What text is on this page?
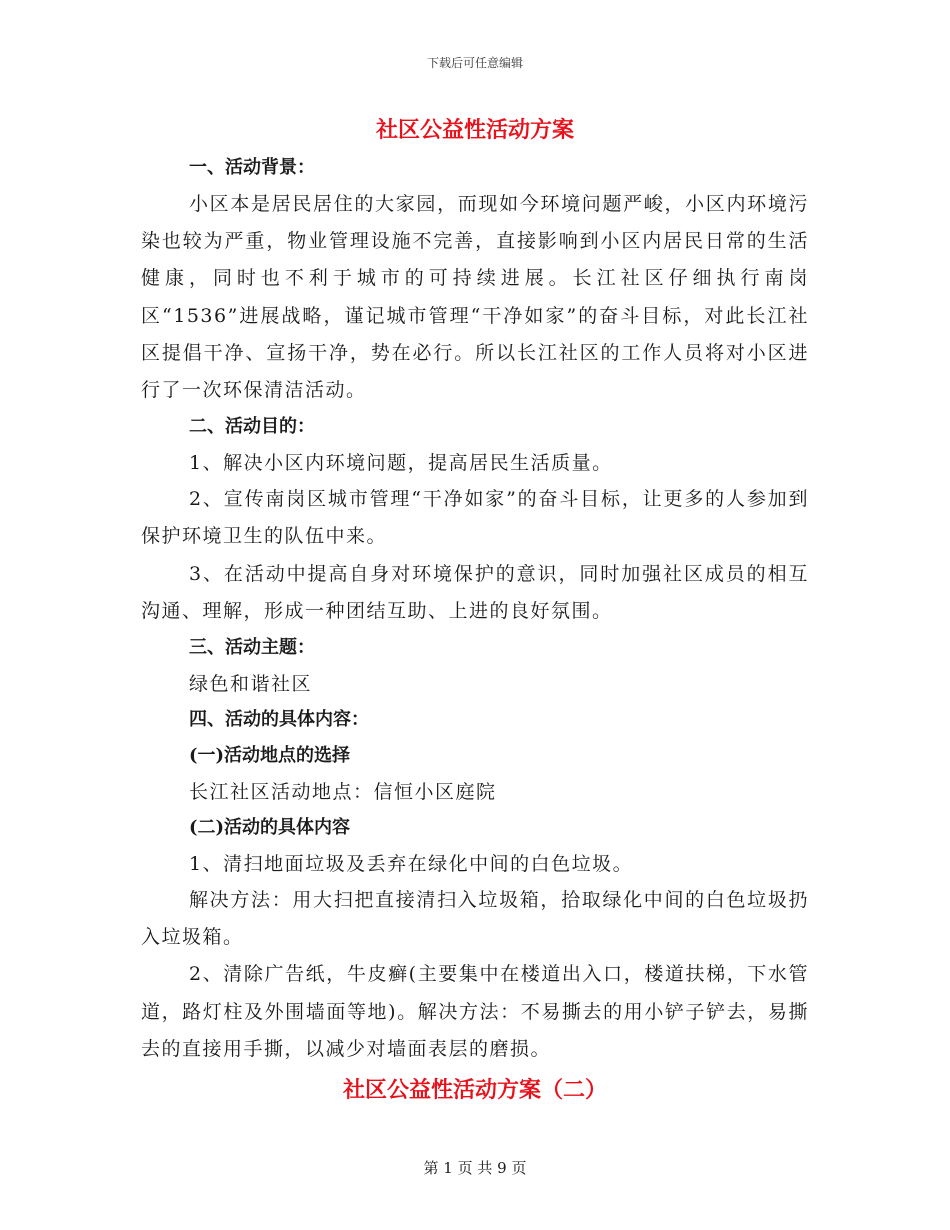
下载后可任意编辑
社区公益性活动方案
一、活动背景：

小区本是居民居住的大家园，而现如今环境问题严峻，小区内环境污染也较为严重，物业管理设施不完善，直接影响到小区内居民日常的生活健康，同时也不利于城市的可持续进展。长江社区仔细执行南岗区“1536”进展战略，谨记城市管理“干净如家”的奋斗目标，对此长江社区提倡干净、宣扬干净，势在必行。所以长江社区的工作人员将对小区进行了一次环保清洁活动。

二、活动目的：

1、解决小区内环境问题，提高居民生活质量。

2、宣传南岗区城市管理“干净如家”的奋斗目标，让更多的人参加到保护环境卫生的队伍中来。

3、在活动中提高自身对环境保护的意识，同时加强社区成员的相互沟通、理解，形成一种团结互助、上进的良好氛围。

三、活动主题：

绿色和谐社区

四、活动的具体内容：
(一)活动地点的选择

长江社区活动地点：信恒小区庭院

(二)活动的具体内容

1、清扫地面垃圾及丢弃在绿化中间的白色垃圾。

解决方法：用大扫把直接清扫入垃圾箱，拾取绿化中间的白色垃圾扔入垃圾箱。

2、清除广告纸，牛皮癣(主要集中在楼道出入口，楼道扶梯，下水管道，路灯柱及外围墙面等地)。解决方法：不易撕去的用小铲子铲去，易撕去的直接用手撕，以减少对墙面表层的磨损。

社区公益性活动方案（二）
第 1 页 共 9 页
